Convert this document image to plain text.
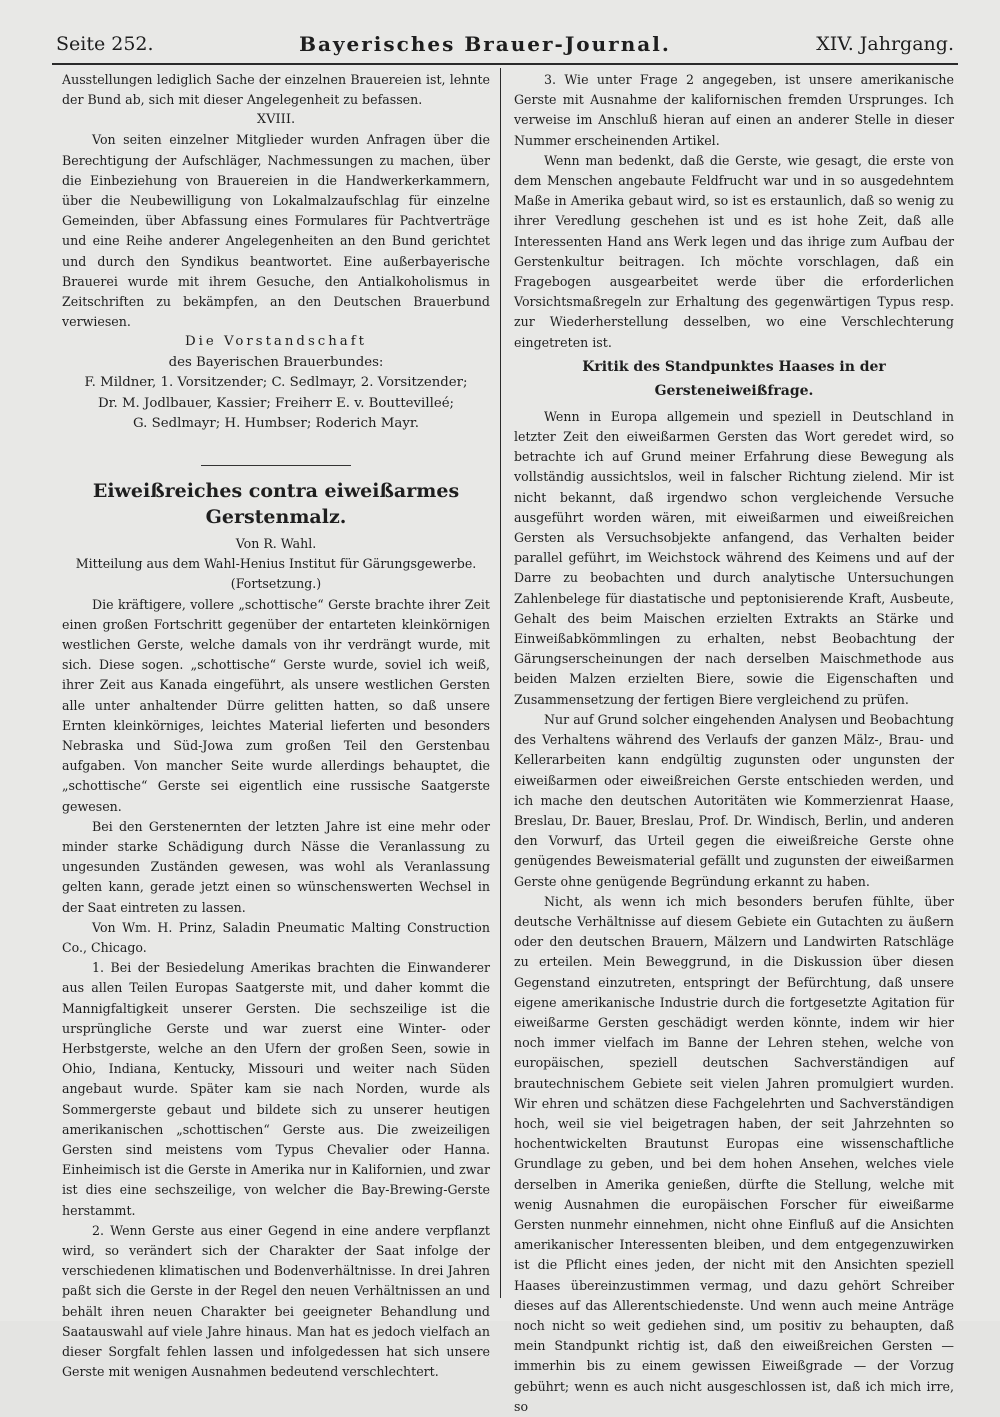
Seite 252.	Bayerisches Brauer-Journal.	XIV. Jahrgang.

Ausstellungen lediglich Sache der einzelnen Brauereien ist, lehnte der Bund ab, sich mit dieser Angelegenheit zu befassen.

XVIII.

Von seiten einzelner Mitglieder wurden Anfragen über die Berechtigung der Aufschläger, Nachmessungen zu machen, über die Einbeziehung von Brauereien in die Handwerkerkammern, über die Neubewilligung von Lokalmalzaufschlag für einzelne Gemeinden, über Abfassung eines Formulares für Pachtverträge und eine Reihe anderer Angelegenheiten an den Bund gerichtet und durch den Syndikus beantwortet. Eine außerbayerische Brauerei wurde mit ihrem Gesuche, den Antialkoholismus in Zeitschriften zu bekämpfen, an den Deutschen Brauerbund verwiesen.

Die Vorstandschaft

des Bayerischen Brauerbundes:

F. Mildner, 1. Vorsitzender; C. Sedlmayr, 2. Vorsitzender;

Dr. M. Jodlbauer, Kassier; Freiherr E. v. Bouttevilleé;

G. Sedlmayr; H. Humbser; Roderich Mayr.

Eiweißreiches contra eiweißarmes Gerstenmalz.

Von R. Wahl.

Mitteilung aus dem Wahl-Henius Institut für Gärungsgewerbe.

(Fortsetzung.)

Die kräftigere, vollere „schottische“ Gerste brachte ihrer Zeit einen großen Fortschritt gegenüber der entarteten kleinkörnigen westlichen Gerste, welche damals von ihr verdrängt wurde, mit sich. Diese sogen. „schottische“ Gerste wurde, soviel ich weiß, ihrer Zeit aus Kanada eingeführt, als unsere westlichen Gersten alle unter anhaltender Dürre gelitten hatten, so daß unsere Ernten kleinkörniges, leichtes Material lieferten und besonders Nebraska und Süd-Jowa zum großen Teil den Gerstenbau aufgaben. Von mancher Seite wurde allerdings behauptet, die „schottische“ Gerste sei eigentlich eine russische Saatgerste gewesen.

Bei den Gerstenernten der letzten Jahre ist eine mehr oder minder starke Schädigung durch Nässe die Veranlassung zu ungesunden Zuständen gewesen, was wohl als Veranlassung gelten kann, gerade jetzt einen so wünschenswerten Wechsel in der Saat eintreten zu lassen.

Von Wm. H. Prinz, Saladin Pneumatic Malting Construction Co., Chicago.

1. Bei der Besiedelung Amerikas brachten die Einwanderer aus allen Teilen Europas Saatgerste mit, und daher kommt die Mannigfaltigkeit unserer Gersten. Die sechszeilige ist die ursprüngliche Gerste und war zuerst eine Winter- oder Herbstgerste, welche an den Ufern der großen Seen, sowie in Ohio, Indiana, Kentucky, Missouri und weiter nach Süden angebaut wurde. Später kam sie nach Norden, wurde als Sommergerste gebaut und bildete sich zu unserer heutigen amerikanischen „schottischen“ Gerste aus. Die zweizeiligen Gersten sind meistens vom Typus Chevalier oder Hanna. Einheimisch ist die Gerste in Amerika nur in Kalifornien, und zwar ist dies eine sechszeilige, von welcher die Bay-Brewing-Gerste herstammt.

2. Wenn Gerste aus einer Gegend in eine andere verpflanzt wird, so verändert sich der Charakter der Saat infolge der verschiedenen klimatischen und Bodenverhältnisse. In drei Jahren paßt sich die Gerste in der Regel den neuen Verhältnissen an und behält ihren neuen Charakter bei geeigneter Behandlung und Saatauswahl auf viele Jahre hinaus. Man hat es jedoch vielfach an dieser Sorgfalt fehlen lassen und infolgedessen hat sich unsere Gerste mit wenigen Ausnahmen bedeutend verschlechtert.

3. Wie unter Frage 2 angegeben, ist unsere amerikanische Gerste mit Ausnahme der kalifornischen fremden Ursprunges. Ich verweise im Anschluß hieran auf einen an anderer Stelle in dieser Nummer erscheinenden Artikel.

Wenn man bedenkt, daß die Gerste, wie gesagt, die erste von dem Menschen angebaute Feldfrucht war und in so ausgedehntem Maße in Amerika gebaut wird, so ist es erstaunlich, daß so wenig zu ihrer Veredlung geschehen ist und es ist hohe Zeit, daß alle Interessenten Hand ans Werk legen und das ihrige zum Aufbau der Gerstenkultur beitragen. Ich möchte vorschlagen, daß ein Fragebogen ausgearbeitet werde über die erforderlichen Vorsichtsmaßregeln zur Erhaltung des gegenwärtigen Typus resp. zur Wiederherstellung desselben, wo eine Verschlechterung eingetreten ist.

Kritik des Standpunktes Haases in der Gersteneiweißfrage.

Wenn in Europa allgemein und speziell in Deutschland in letzter Zeit den eiweißarmen Gersten das Wort geredet wird, so betrachte ich auf Grund meiner Erfahrung diese Bewegung als vollständig aussichtslos, weil in falscher Richtung zielend. Mir ist nicht bekannt, daß irgendwo schon vergleichende Versuche ausgeführt worden wären, mit eiweißarmen und eiweißreichen Gersten als Versuchsobjekte anfangend, das Verhalten beider parallel geführt, im Weichstock während des Keimens und auf der Darre zu beobachten und durch analytische Untersuchungen Zahlenbelege für diastatische und peptonisierende Kraft, Ausbeute, Gehalt des beim Maischen erzielten Extrakts an Stärke und Einweißabkömmlingen zu erhalten, nebst Beobachtung der Gärungserscheinungen der nach derselben Maischmethode aus beiden Malzen erzielten Biere, sowie die Eigenschaften und Zusammensetzung der fertigen Biere vergleichend zu prüfen.

Nur auf Grund solcher eingehenden Analysen und Beobachtung des Verhaltens während des Verlaufs der ganzen Mälz-, Brau- und Kellerarbeiten kann endgültig zugunsten oder ungunsten der eiweißarmen oder eiweißreichen Gerste entschieden werden, und ich mache den deutschen Autoritäten wie Kommerzienrat Haase, Breslau, Dr. Bauer, Breslau, Prof. Dr. Windisch, Berlin, und anderen den Vorwurf, das Urteil gegen die eiweißreiche Gerste ohne genügendes Beweismaterial gefällt und zugunsten der eiweißarmen Gerste ohne genügende Begründung erkannt zu haben.

Nicht, als wenn ich mich besonders berufen fühlte, über deutsche Verhältnisse auf diesem Gebiete ein Gutachten zu äußern oder den deutschen Brauern, Mälzern und Landwirten Ratschläge zu erteilen. Mein Beweggrund, in die Diskussion über diesen Gegenstand einzutreten, entspringt der Befürchtung, daß unsere eigene amerikanische Industrie durch die fortgesetzte Agitation für eiweißarme Gersten geschädigt werden könnte, indem wir hier noch immer vielfach im Banne der Lehren stehen, welche von europäischen, speziell deutschen Sachverständigen auf brautechnischem Gebiete seit vielen Jahren promulgiert wurden. Wir ehren und schätzen diese Fachgelehrten und Sachverständigen hoch, weil sie viel beigetragen haben, der seit Jahrzehnten so hochentwickelten Brautunst Europas eine wissenschaftliche Grundlage zu geben, und bei dem hohen Ansehen, welches viele derselben in Amerika genießen, dürfte die Stellung, welche mit wenig Ausnahmen die europäischen Forscher für eiweißarme Gersten nunmehr einnehmen, nicht ohne Einfluß auf die Ansichten amerikanischer Interessenten bleiben, und dem entgegenzuwirken ist die Pflicht eines jeden, der nicht mit den Ansichten speziell Haases übereinzustimmen vermag, und dazu gehört Schreiber dieses auf das Allerentschiedenste. Und wenn auch meine Anträge noch nicht so weit gediehen sind, um positiv zu behaupten, daß mein Standpunkt richtig ist, daß den eiweißreichen Gersten — immerhin bis zu einem gewissen Eiweißgrade — der Vorzug gebührt; wenn es auch nicht ausgeschlossen ist, daß ich mich irre, so
